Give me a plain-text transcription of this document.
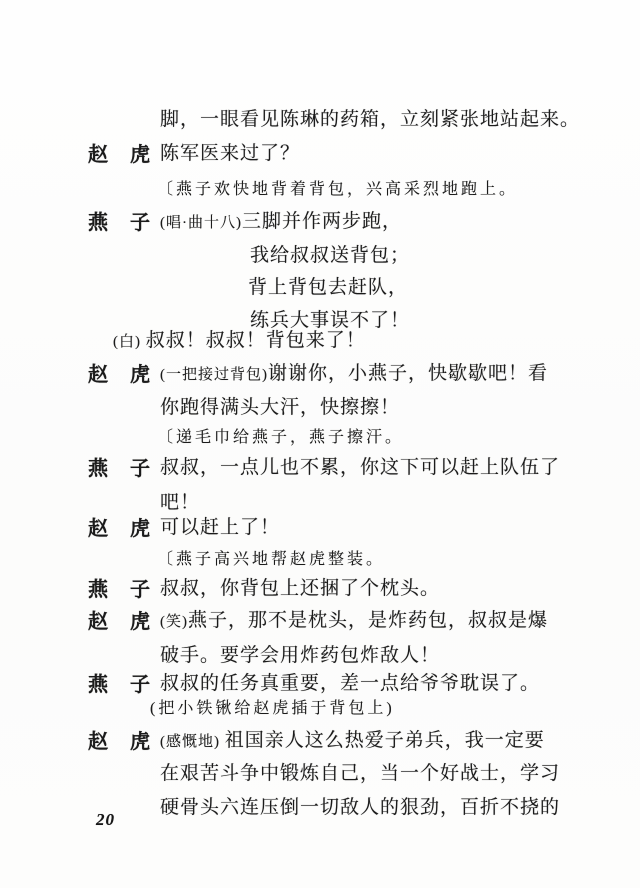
脚，一眼看见陈琳的药箱，立刻紧张地站起来。
赵　虎 陈军医来过了？
〔燕子欢快地背着背包，兴高采烈地跑上。
燕　子 (唱·曲十八)三脚并作两步跑，
我给叔叔送背包；
背上背包去赶队，
练兵大事误不了！
(白) 叔叔！叔叔！背包来了！
赵　虎 (一把接过背包)谢谢你，小燕子，快歇歇吧！看
你跑得满头大汗，快擦擦！
〔递毛巾给燕子，燕子擦汗。
燕　子 叔叔，一点儿也不累，你这下可以赶上队伍了
吧！
赵　虎 可以赶上了！
〔燕子高兴地帮赵虎整装。
燕　子 叔叔，你背包上还捆了个枕头。
赵　虎 (笑)燕子，那不是枕头，是炸药包，叔叔是爆
破手。要学会用炸药包炸敌人！
燕　子 叔叔的任务真重要，差一点给爷爷耽误了。
(把小铁锹给赵虎插于背包上)
赵　虎 (感慨地) 祖国亲人这么热爱子弟兵，我一定要
在艰苦斗争中锻炼自己，当一个好战士，学习
硬骨头六连压倒一切敌人的狠劲，百折不挠的
20
